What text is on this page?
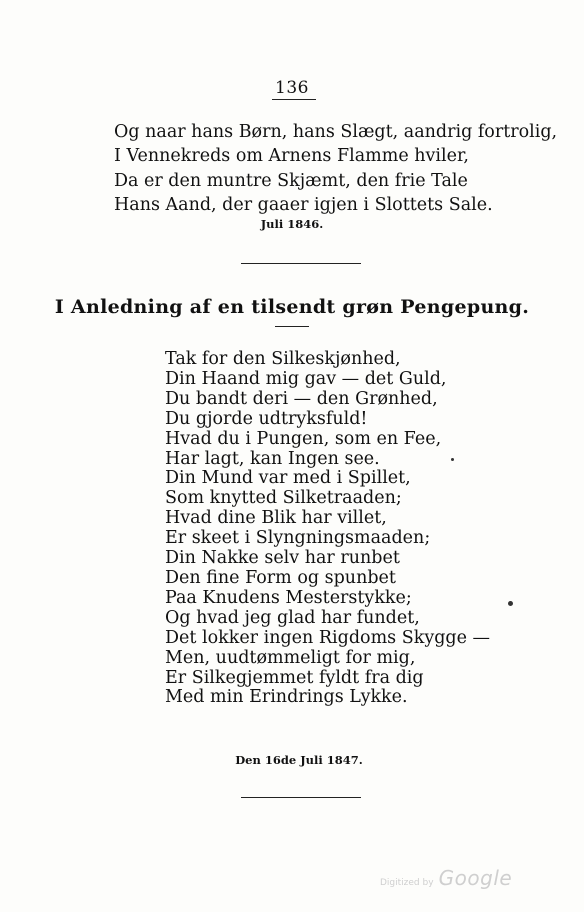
136
Og naar hans Børn, hans Slægt, aandrig fortrolig,
I Vennekreds om Arnens Flamme hviler,
Da er den muntre Skjæmt, den frie Tale
Hans Aand, der gaaer igjen i Slottets Sale.
Juli 1846.
I Anledning af en tilsendt grøn Pengepung.
Tak for den Silkeskjønhed,
Din Haand mig gav — det Guld,
Du bandt deri — den Grønhed,
Du gjorde udtryksfuld!
Hvad du i Pungen, som en Fee,
Har lagt, kan Ingen see.
Din Mund var med i Spillet,
Som knytted Silketraaden;
Hvad dine Blik har villet,
Er skeet i Slyngningsmaaden;
Din Nakke selv har runbet
Den fine Form og spunbet
Paa Knudens Mesterstykke;
Og hvad jeg glad har fundet,
Det lokker ingen Rigdoms Skygge —
Men, uudtømmeligt for mig,
Er Silkegjemmet fyldt fra dig
Med min Erindrings Lykke.
Den 16de Juli 1847.
Digitized by Google
